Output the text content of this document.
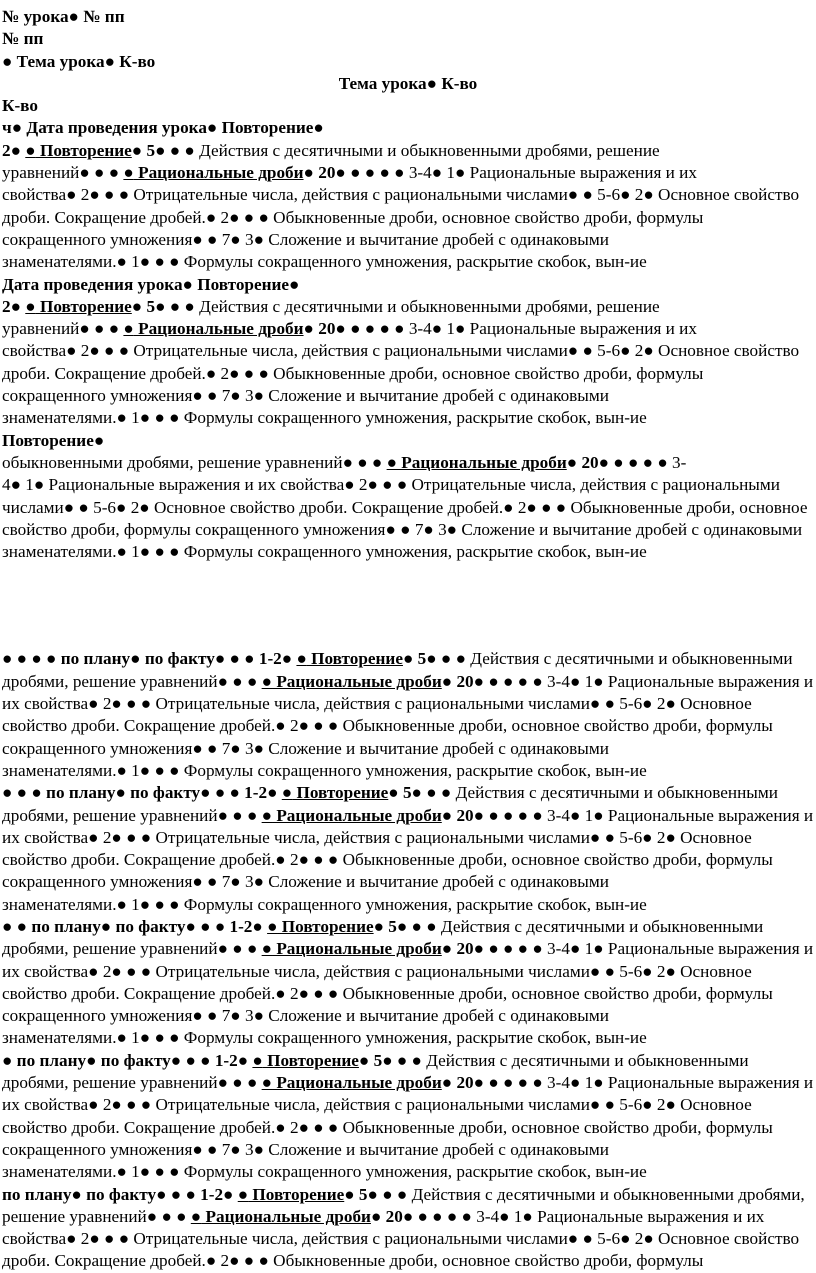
№ урока● № пп
№ пп
● Тема урока● К-во
Тема урока● К-во
К-во
ч● Дата проведения урока● Повторение●
2● ● Повторение● 5● ● ● Действия с десятичными и обыкновенными дробями, решение
уравнений● ● ● ● Рациональные дроби● 20● ● ● ● ● 3-4● 1● Рациональные выражения и их
свойства● 2● ● ● Отрицательные числа, действия с рациональными числами● ● 5-6● 2● Основное свойство
дроби. Сокращение дробей.● 2● ● ● Обыкновенные дроби, основное свойство дроби, формулы
сокращенного умножения● ● 7● 3● Сложение и вычитание дробей с одинаковыми
знаменателями.● 1● ● ● Формулы сокращенного умножения, раскрытие скобок, вын-ие
Дата проведения урока● Повторение●
2● ● Повторение● 5● ● ● Действия с десятичными и обыкновенными дробями, решение
уравнений● ● ● ● Рациональные дроби● 20● ● ● ● ● 3-4● 1● Рациональные выражения и их
свойства● 2● ● ● Отрицательные числа, действия с рациональными числами● ● 5-6● 2● Основное свойство
дроби. Сокращение дробей.● 2● ● ● Обыкновенные дроби, основное свойство дроби, формулы
сокращенного умножения● ● 7● 3● Сложение и вычитание дробей с одинаковыми
знаменателями.● 1● ● ● Формулы сокращенного умножения, раскрытие скобок, вын-ие
Повторение●
обыкновенными дробями, решение уравнений● ● ● ● Рациональные дроби● 20● ● ● ● ● 3-
4● 1● Рациональные выражения и их свойства● 2● ● ● Отрицательные числа, действия с рациональными
числами● ● 5-6● 2● Основное свойство дроби. Сокращение дробей.● 2● ● ● Обыкновенные дроби, основное
свойство дроби, формулы сокращенного умножения● ● 7● 3● Сложение и вычитание дробей с одинаковыми
знаменателями.● 1● ● ● Формулы сокращенного умножения, раскрытие скобок, вын-ие
● ● ● ● по плану● по факту● ● ● 1-2● ● Повторение● 5● ● ● Действия с десятичными и обыкновенными
дробями, решение уравнений● ● ● ● Рациональные дроби● 20● ● ● ● ● 3-4● 1● Рациональные выражения и
их свойства● 2● ● ● Отрицательные числа, действия с рациональными числами● ● 5-6● 2● Основное
свойство дроби. Сокращение дробей.● 2● ● ● Обыкновенные дроби, основное свойство дроби, формулы
сокращенного умножения● ● 7● 3● Сложение и вычитание дробей с одинаковыми
знаменателями.● 1● ● ● Формулы сокращенного умножения, раскрытие скобок, вын-ие
● ● ● по плану● по факту● ● ● 1-2● ● Повторение● 5● ● ● Действия с десятичными и обыкновенными
дробями, решение уравнений● ● ● ● Рациональные дроби● 20● ● ● ● ● 3-4● 1● Рациональные выражения и
их свойства● 2● ● ● Отрицательные числа, действия с рациональными числами● ● 5-6● 2● Основное
свойство дроби. Сокращение дробей.● 2● ● ● Обыкновенные дроби, основное свойство дроби, формулы
сокращенного умножения● ● 7● 3● Сложение и вычитание дробей с одинаковыми
знаменателями.● 1● ● ● Формулы сокращенного умножения, раскрытие скобок, вын-ие
● ● по плану● по факту● ● ● 1-2● ● Повторение● 5● ● ● Действия с десятичными и обыкновенными
дробями, решение уравнений● ● ● ● Рациональные дроби● 20● ● ● ● ● 3-4● 1● Рациональные выражения и
их свойства● 2● ● ● Отрицательные числа, действия с рациональными числами● ● 5-6● 2● Основное
свойство дроби. Сокращение дробей.● 2● ● ● Обыкновенные дроби, основное свойство дроби, формулы
сокращенного умножения● ● 7● 3● Сложение и вычитание дробей с одинаковыми
знаменателями.● 1● ● ● Формулы сокращенного умножения, раскрытие скобок, вын-ие
● по плану● по факту● ● ● 1-2● ● Повторение● 5● ● ● Действия с десятичными и обыкновенными
дробями, решение уравнений● ● ● ● Рациональные дроби● 20● ● ● ● ● 3-4● 1● Рациональные выражения и
их свойства● 2● ● ● Отрицательные числа, действия с рациональными числами● ● 5-6● 2● Основное
свойство дроби. Сокращение дробей.● 2● ● ● Обыкновенные дроби, основное свойство дроби, формулы
сокращенного умножения● ● 7● 3● Сложение и вычитание дробей с одинаковыми
знаменателями.● 1● ● ● Формулы сокращенного умножения, раскрытие скобок, вын-ие
по плану● по факту● ● ● 1-2● ● Повторение● 5● ● ● Действия с десятичными и обыкновенными дробями,
решение уравнений● ● ● ● Рациональные дроби● 20● ● ● ● ● 3-4● 1● Рациональные выражения и их
свойства● 2● ● ● Отрицательные числа, действия с рациональными числами● ● 5-6● 2● Основное свойство
дроби. Сокращение дробей.● 2● ● ● Обыкновенные дроби, основное свойство дроби, формулы
